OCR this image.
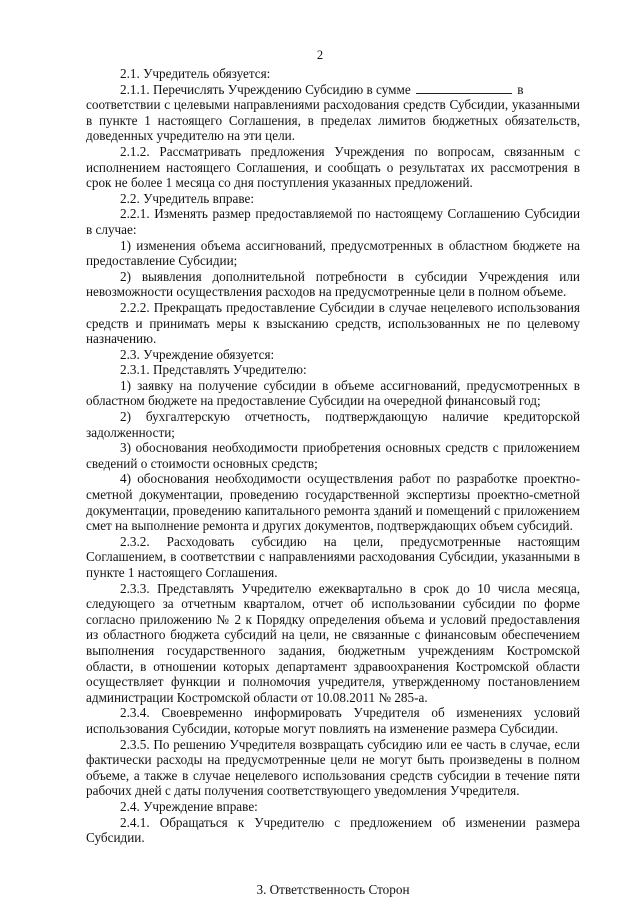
2

2.1. Учредитель обязуется:

2.1.1. Перечислять Учреждению Субсидию в сумме	в

соответствии с целевыми направлениями расходования средств Субсидии, указанными в пункте 1 настоящего Соглашения, в пределах лимитов бюджетных обязательств, доведенных учредителю на эти цели.

2.1.2. Рассматривать предложения Учреждения по вопросам, связанным с исполнением настоящего Соглашения, и сообщать о результатах их рассмотрения в срок не более 1 месяца со дня поступления указанных предложений.

2.2. Учредитель вправе:

2.2.1. Изменять размер предоставляемой по настоящему Соглашению Субсидии в случае:

1) изменения объема ассигнований, предусмотренных в областном бюджете на предоставление Субсидии;

2) выявления дополнительной потребности в субсидии Учреждения или невозможности осуществления расходов на предусмотренные цели в полном объеме.

2.2.2. Прекращать предоставление Субсидии в случае нецелевого использования средств и принимать меры к взысканию средств, использованных не по целевому назначению.

2.3. Учреждение обязуется:

2.3.1. Представлять Учредителю:

1) заявку на получение субсидии в объеме ассигнований, предусмотренных в областном бюджете на предоставление Субсидии на очередной финансовый год;

2) бухгалтерскую отчетность, подтверждающую наличие кредиторской задолженности;

3) обоснования необходимости приобретения основных средств с приложением сведений о стоимости основных средств;

4) обоснования необходимости осуществления работ по разработке проектно-сметной документации, проведению государственной экспертизы проектно-сметной документации, проведению капитального ремонта зданий и помещений с приложением смет на выполнение ремонта и других документов, подтверждающих объем субсидий.

2.3.2. Расходовать субсидию на цели, предусмотренные настоящим Соглашением, в соответствии с направлениями расходования Субсидии, указанными в пункте 1 настоящего Соглашения.

2.3.3. Представлять Учредителю ежеквартально в срок до 10 числа месяца, следующего за отчетным кварталом, отчет об использовании субсидии по форме согласно приложению № 2 к Порядку определения объема и условий предоставления из областного бюджета субсидий на цели, не связанные с финансовым обеспечением выполнения государственного задания, бюджетным учреждениям Костромской области, в отношении которых департамент здравоохранения Костромской области осуществляет функции и полномочия учредителя, утвержденному постановлением администрации Костромской области от 10.08.2011 № 285-а.

2.3.4. Своевременно информировать Учредителя об изменениях условий использования Субсидии, которые могут повлиять на изменение размера Субсидии.

2.3.5. По решению Учредителя возвращать субсидию или ее часть в случае, если фактически расходы на предусмотренные цели не могут быть произведены в полном объеме, а также в случае нецелевого использования средств субсидии в течение пяти рабочих дней с даты получения соответствующего уведомления Учредителя.

2.4. Учреждение вправе:

2.4.1. Обращаться к Учредителю с предложением об изменении размера Субсидии.

3. Ответственность Сторон
